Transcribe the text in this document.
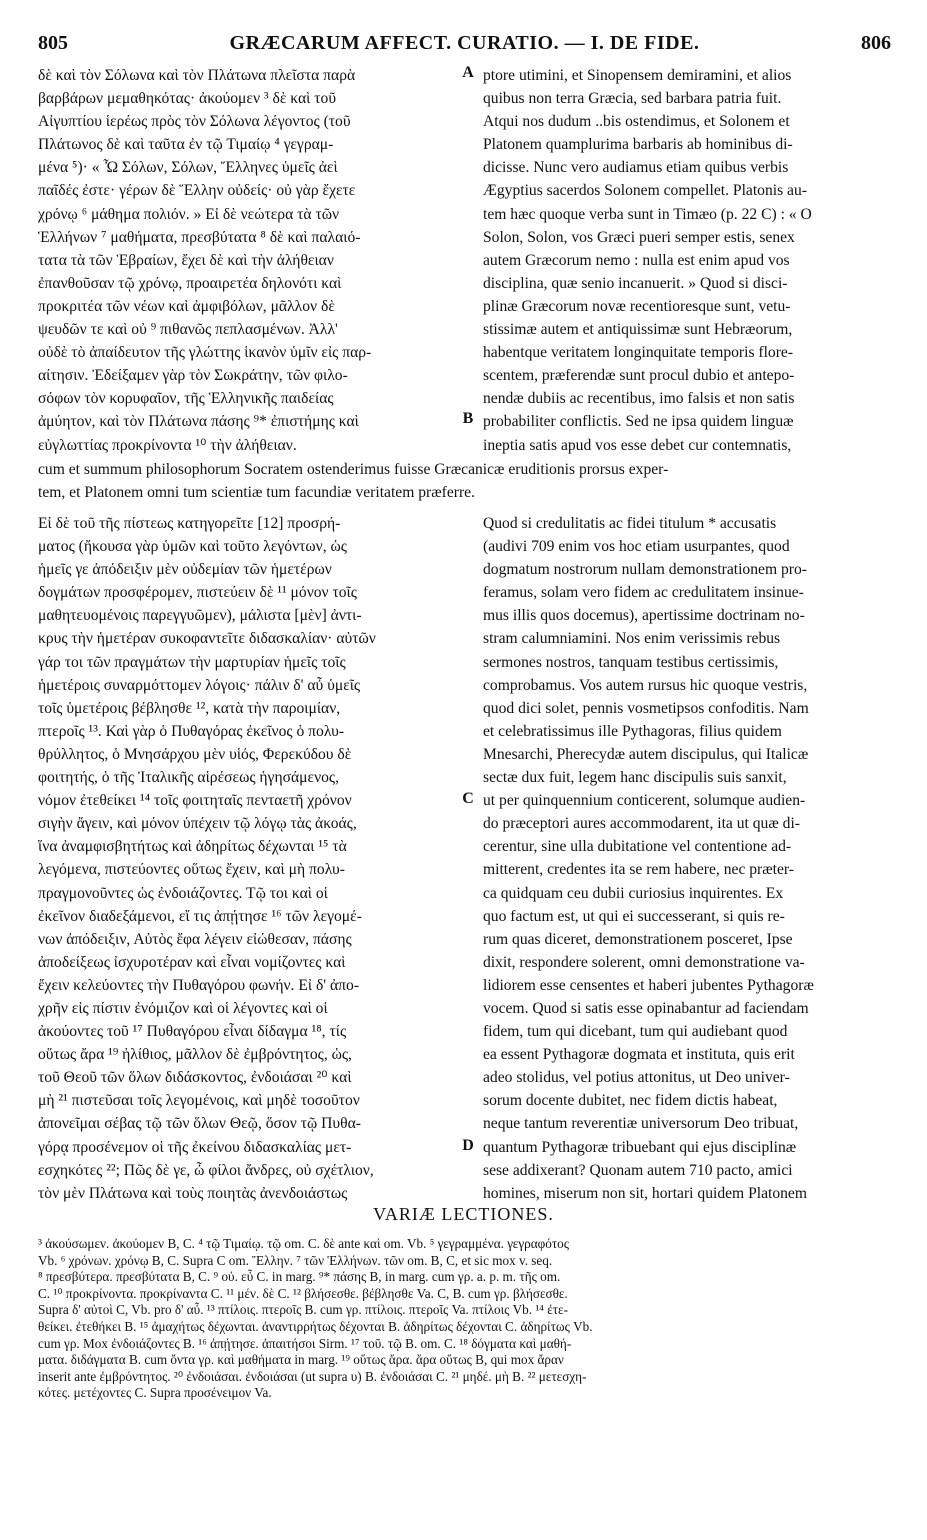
805	GRÆCARUM AFFECT. CURATIO. — I. DE FIDE.	806

δὲ καὶ τὸν Σόλωνα καὶ τὸν Πλάτωνα πλεῖστα παρὰ

βαρβάρων μεμαθηκότας· ἀκούομεν ³ δὲ καὶ τοῦ

Αἰγυπτίου ἱερέως πρὸς τὸν Σόλωνα λέγοντος (τοῦ

Πλάτωνος δὲ καὶ ταῦτα ἐν τῷ Τιμαίῳ ⁴ γεγραμ-

μένα ⁵)· « Ὦ Σόλων, Σόλων, Ἕλληνες ὑμεῖς ἀεὶ

παῖδές ἐστε· γέρων δὲ Ἕλλην οὐδείς· οὐ γὰρ ἔχετε

χρόνῳ ⁶ μάθημα πολιόν. » Εἰ δὲ νεώτερα τὰ τῶν

Ἑλλήνων ⁷ μαθήματα, πρεσβύτατα ⁸ δὲ καὶ παλαιό-

τατα τὰ τῶν Ἑβραίων, ἔχει δὲ καὶ τὴν ἀλήθειαν

ἐπανθοῦσαν τῷ χρόνῳ, προαιρετέα δηλονότι καὶ

προκριτέα τῶν νέων καὶ ἀμφιβόλων, μᾶλλον δὲ

ψευδῶν τε καὶ οὐ ⁹ πιθανῶς πεπλασμένων. Ἀλλ'

οὐδὲ τὸ ἀπαίδευτον τῆς γλώττης ἱκανὸν ὑμῖν εἰς παρ-

αίτησιν. Ἐδείξαμεν γὰρ τὸν Σωκράτην, τῶν φιλο-

σόφων τὸν κορυφαῖον, τῆς Ἑλληνικῆς παιδείας

ἀμύητον, καὶ τὸν Πλάτωνα πάσης ⁹* ἐπιστήμης καὶ

εὐγλωττίας προκρίνοντα ¹⁰ τὴν ἀλήθειαν.

A
B

ptore utimini, et Sinopensem demiramini, et alios

quibus non terra Græcia, sed barbara patria fuit.

Atqui nos dudum ..bis ostendimus, et Solonem et

Platonem quamplurima barbaris ab hominibus di-

dicisse. Nunc vero audiamus etiam quibus verbis

Ægyptius sacerdos Solonem compellet. Platonis au-

tem hæc quoque verba sunt in Timæo (p. 22 C) : « O

Solon, Solon, vos Græci pueri semper estis, senex

autem Græcorum nemo : nulla est enim apud vos

disciplina, quæ senio incanuerit. » Quod si disci-

plinæ Græcorum novæ recentioresque sunt, vetu-

stissimæ autem et antiquissimæ sunt Hebræorum,

habentque veritatem longinquitate temporis flore-

scentem, præferendæ sunt procul dubio et antepo-

nendæ dubiis ac recentibus, imo falsis et non satis

probabiliter conflictis. Sed ne ipsa quidem linguæ

ineptia satis apud vos esse debet cur contemnatis,

cum et summum philosophorum Socratem ostenderimus fuisse Græcanicæ eruditionis prorsus exper-
tem, et Platonem omni tum scientiæ tum facundiæ veritatem præferre.

Εἰ δὲ τοῦ τῆς πίστεως κατηγορεῖτε [12] προσρή-

ματος (ἤκουσα γὰρ ὑμῶν καὶ τοῦτο λεγόντων, ὡς

ἡμεῖς γε ἀπόδειξιν μὲν οὐδεμίαν τῶν ἡμετέρων

δογμάτων προσφέρομεν, πιστεύειν δὲ ¹¹ μόνον τοῖς

μαθητευομένοις παρεγγυῶμεν), μάλιστα [μὲν] ἀντι-

κρυς τὴν ἡμετέραν συκοφαντεῖτε διδασκαλίαν· αὐτῶν

γάρ τοι τῶν πραγμάτων τὴν μαρτυρίαν ἡμεῖς τοῖς

ἡμετέροις συναρμόττομεν λόγοις· πάλιν δ' αὖ ὑμεῖς

τοῖς ὑμετέροις βέβλησθε ¹², κατὰ τὴν παροιμίαν,

πτεροῖς ¹³. Καὶ γὰρ ὁ Πυθαγόρας ἐκεῖνος ὁ πολυ-

θρύλλητος, ὁ Μνησάρχου μὲν υἱός, Φερεκύδου δὲ

φοιτητής, ὁ τῆς Ἰταλικῆς αἱρέσεως ἡγησάμενος,

νόμον ἐτεθείκει ¹⁴ τοῖς φοιτηταῖς πενταετῆ χρόνον

σιγὴν ἄγειν, καὶ μόνον ὑπέχειν τῷ λόγῳ τὰς ἀκοάς,

ἵνα ἀναμφισβητήτως καὶ ἀδηρίτως δέχωνται ¹⁵ τὰ

λεγόμενα, πιστεύοντες οὕτως ἔχειν, καὶ μὴ πολυ-

πραγμονοῦντες ὡς ἐνδοιάζοντες. Τῷ τοι καὶ οἱ

ἐκεῖνον διαδεξάμενοι, εἴ τις ἀπῄτησε ¹⁶ τῶν λεγομέ-

νων ἀπόδειξιν, Αὐτὸς ἔφα λέγειν εἰώθεσαν, πάσης

ἀποδείξεως ἰσχυροτέραν καὶ εἶναι νομίζοντες καὶ

ἔχειν κελεύοντες τὴν Πυθαγόρου φωνήν. Εἰ δ' ἀπο-

χρῆν εἰς πίστιν ἐνόμιζον καὶ οἱ λέγοντες καὶ οἱ

ἀκούοντες τοῦ ¹⁷ Πυθαγόρου εἶναι δίδαγμα ¹⁸, τίς

οὕτως ἄρα ¹⁹ ἠλίθιος, μᾶλλον δὲ ἐμβρόντητος, ὡς,

τοῦ Θεοῦ τῶν ὅλων διδάσκοντος, ἐνδοιάσαι ²⁰ καὶ

μὴ ²¹ πιστεῦσαι τοῖς λεγομένοις, καὶ μηδὲ τοσοῦτον

ἀπονεῖμαι σέβας τῷ τῶν ὅλων Θεῷ, ὅσον τῷ Πυθα-

γόρᾳ προσένεμον οἱ τῆς ἐκείνου διδασκαλίας μετ-

εσχηκότες ²²; Πῶς δὲ γε, ὦ φίλοι ἄνδρες, οὐ σχέτλιον,

τὸν μὲν Πλάτωνα καὶ τοὺς ποιητὰς ἀνενδοιάστως

C
D

Quod si credulitatis ac fidei titulum * accusatis

(audivi 709 enim vos hoc etiam usurpantes, quod

dogmatum nostrorum nullam demonstrationem pro-

feramus, solam vero fidem ac credulitatem insinue-

mus illis quos docemus), apertissime doctrinam no-

stram calumniamini. Nos enim verissimis rebus

sermones nostros, tanquam testibus certissimis,

comprobamus. Vos autem rursus hic quoque vestris,

quod dici solet, pennis vosmetipsos confoditis. Nam

et celebratissimus ille Pythagoras, filius quidem

Mnesarchi, Pherecydæ autem discipulus, qui Italicæ

sectæ dux fuit, legem hanc discipulis suis sanxit,

ut per quinquennium conticerent, solumque audien-

do præceptori aures accommodarent, ita ut quæ di-

cerentur, sine ulla dubitatione vel contentione ad-

mitterent, credentes ita se rem habere, nec præter-

ca quidquam ceu dubii curiosius inquirentes. Ex

quo factum est, ut qui ei successerant, si quis re-

rum quas diceret, demonstrationem posceret, Ipse

dixit, respondere solerent, omni demonstratione va-

lidiorem esse censentes et haberi jubentes Pythagoræ

vocem. Quod si satis esse opinabantur ad faciendam

fidem, tum qui dicebant, tum qui audiebant quod

ea essent Pythagoræ dogmata et instituta, quis erit

adeo stolidus, vel potius attonitus, ut Deo univer-

sorum docente dubitet, nec fidem dictis habeat,

neque tantum reverentiæ universorum Deo tribuat,

quantum Pythagoræ tribuebant qui ejus disciplinæ

sese addixerant? Quonam autem 710 pacto, amici

homines, miserum non sit, hortari quidem Platonem

VARIÆ LECTIONES.

³ ἀκούσωμεν. ἀκούομεν B, C. ⁴ τῷ Τιμαίῳ. τῷ om. C. δὲ ante καὶ om. Vb. ⁵ γεγραμμένα. γεγραφότος

Vb. ⁶ χρόνων. χρόνῳ B, C. Supra C om. Ἕλλην. ⁷ τῶν Ἑλλήνων. τῶν om. B, C, et sic mox v. seq.

⁸ πρεσβύτερα. πρεσβύτατα B, C. ⁹ οὐ. εὖ C. in marg. ⁹* πάσης B, in marg. cum γρ. a. p. m. τῆς om.

C. ¹⁰ προκρίνοντα. προκρίναντα C. ¹¹ μέν. δὲ C. ¹² βλήσεσθε. βέβλησθε Va. C, B. cum γρ. βλήσεσθε.

Supra δ' αὐτοὶ C, Vb. pro δ' αὖ. ¹³ πτίλοις. πτεροῖς B. cum γρ. πτίλοις. πτεροῖς Va. πτίλοις Vb. ¹⁴ ἐτε-

θείκει. ἐτεθήκει B. ¹⁵ ἀμαχήτως δέχωνται. ἀναντιρρήτως δέχονται B. ἀδηρίτως δέχονται C. ἀδηρίτως Vb.

cum γρ. Mox ἐνδοιάζοντες B. ¹⁶ ἀπῄτησε. ἀπαιτήσοι Sirm. ¹⁷ τοῦ. τῷ B. om. C. ¹⁸ δόγματα καὶ μαθή-

ματα. διδάγματα B. cum ὄντα γρ. καὶ μαθήματα in marg. ¹⁹ οὕτως ἄρα. ἄρα οὕτως B, qui mox ἄραν

inserit ante ἐμβρόντητος. ²⁰ ἐνδοιάσαι. ἐνδοιάσαι (ut supra υ) B. ἐνδοιάσαι C. ²¹ μηδέ. μὴ B. ²² μετεσχη-

κότες. μετέχοντες C. Supra προσένειμον Va.
